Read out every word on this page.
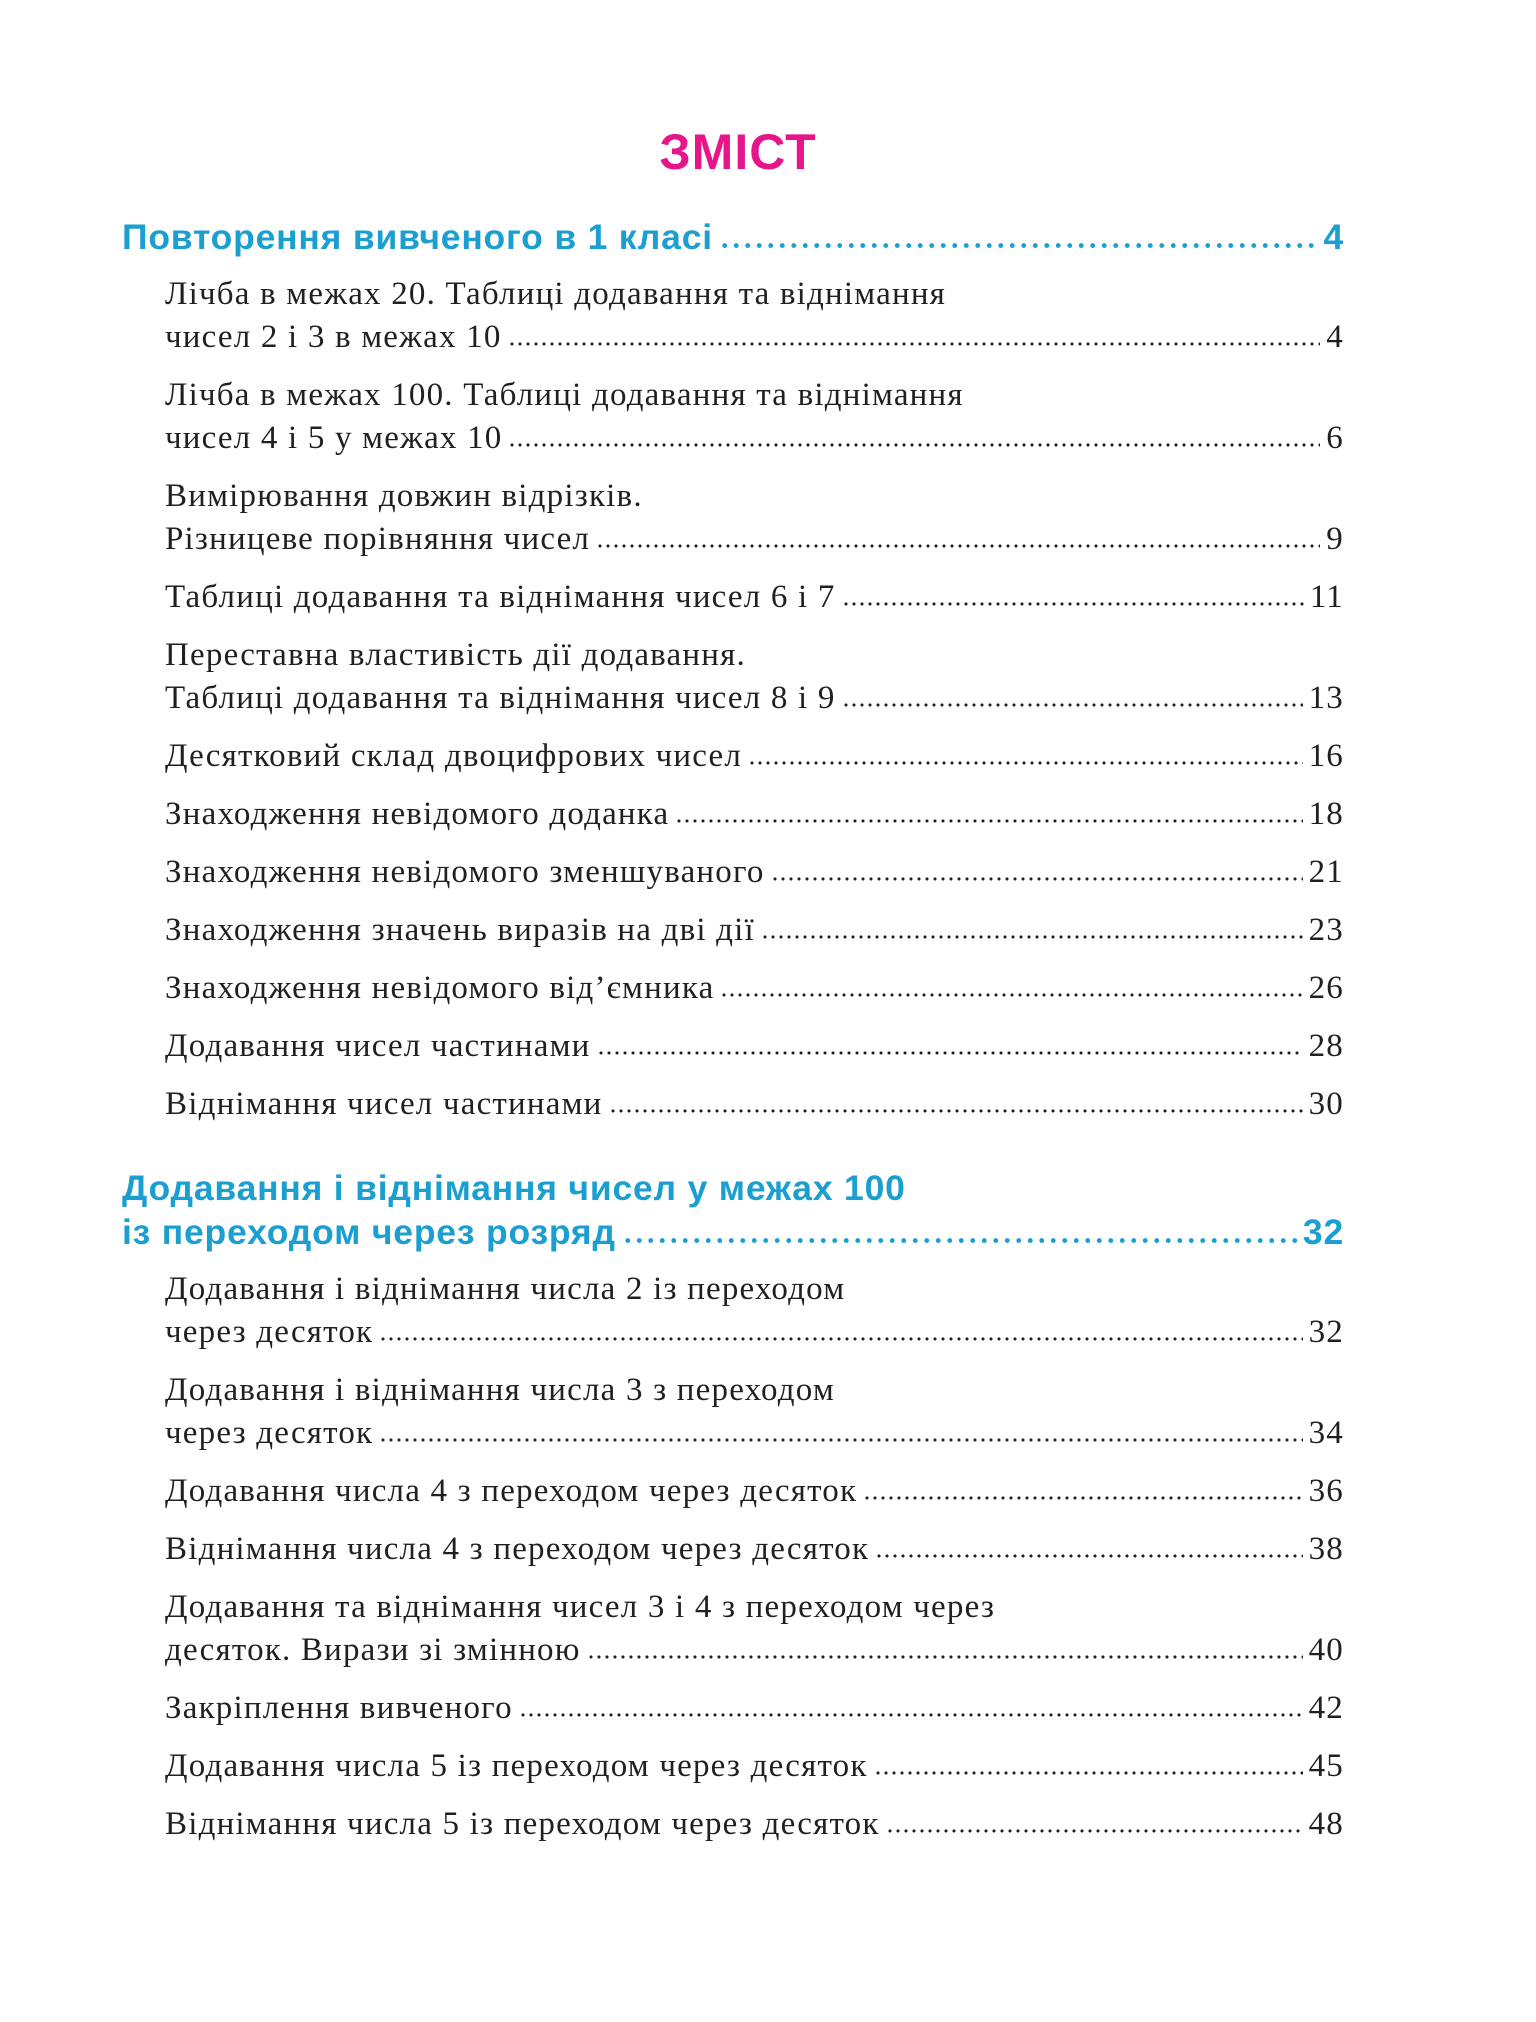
ЗМІСТ
Повторення вивченого в 1 класі	4
Лічба в межах 20. Таблиці додавання та віднімання
чисел 2 і 3 в межах 10	4
Лічба в межах 100. Таблиці додавання та віднімання
чисел 4 і 5 у межах 10	6
Вимірювання довжин відрізків.
Різницеве порівняння чисел	9
Таблиці додавання та віднімання чисел 6 і 7	11
Переставна властивість дії додавання.
Таблиці додавання та віднімання чисел 8 і 9	13
Десятковий склад двоцифрових чисел	16
Знаходження невідомого доданка	18
Знаходження невідомого зменшуваного	21
Знаходження значень виразів на дві дії	23
Знаходження невідомого від’ємника	26
Додавання чисел частинами	28
Віднімання чисел частинами	30
Додавання і віднімання чисел у межах 100
із переходом через розряд	32
Додавання і віднімання числа 2 із переходом
через десяток	32
Додавання і віднімання числа 3 з переходом
через десяток	34
Додавання числа 4 з переходом через десяток	36
Віднімання числа 4 з переходом через десяток	38
Додавання та віднімання чисел 3 і 4 з переходом через
десяток. Вирази зі змінною	40
Закріплення вивченого	42
Додавання числа 5 із переходом через десяток	45
Віднімання числа 5 із переходом через десяток	48
